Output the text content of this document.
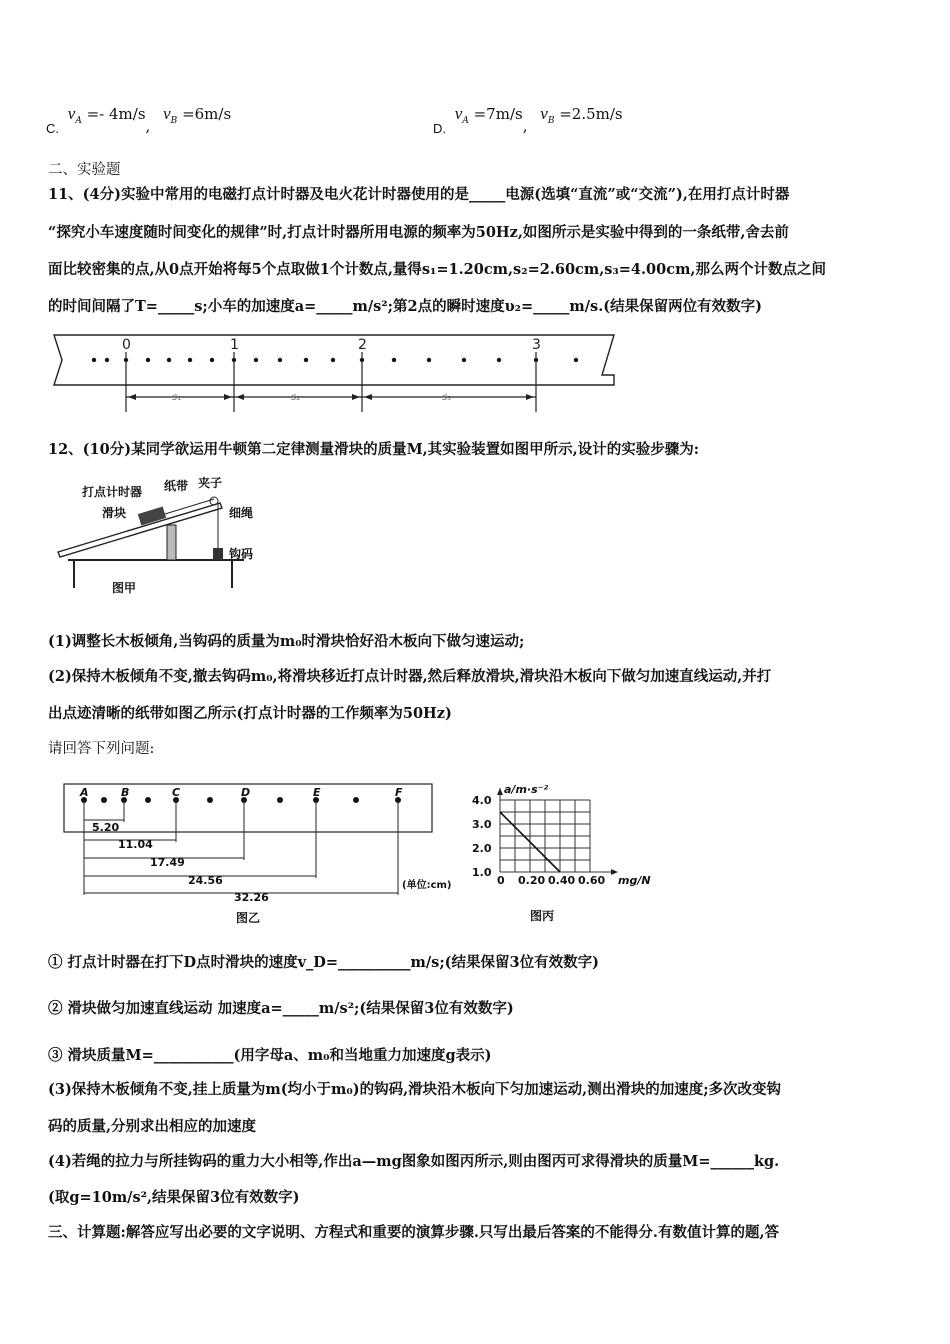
C. $v_A =- 4m/s$, $v_B =6m/s$
D. $v_A =7m/s$, $v_B =2.5m/s$
二、实验题
11、(4分)实验中常用的电磁打点计时器及电火花计时器使用的是_____电源(选填“直流”或“交流”),在用打点计时器
“探究小车速度随时间变化的规律”时,打点计时器所用电源的频率为50Hz,如图所示是实验中得到的一条纸带,舍去前
面比较密集的点,从0点开始将每5个点取做1个计数点,量得s₁=1.20cm,s₂=2.60cm,s₃=4.00cm,那么两个计数点之间
的时间间隔了T=_____s;小车的加速度a=_____m/s²;第2点的瞬时速度υ₂=_____m/s.(结果保留两位有效数字)
0	1	2	3
s₁	s₂	s₃
12、(10分)某同学欲运用牛顿第二定律测量滑块的质量M,其实验装置如图甲所示,设计的实验步骤为:
打点计时器 纸带 夹子
滑块	细绳
钩码
图甲
(1)调整长木板倾角,当钩码的质量为m₀时滑块恰好沿木板向下做匀速运动;
(2)保持木板倾角不变,撤去钩码m₀,将滑块移近打点计时器,然后释放滑块,滑块沿木板向下做匀加速直线运动,并打
出点迹清晰的纸带如图乙所示(打点计时器的工作频率为50Hz)
请回答下列问题:
A	B	C	D	E	F
5.20
11.04
17.49
24.56
32.26
(单位:cm)
图乙
a/m·s⁻²
4.0
3.0
2.0
1.0
0 0.20 0.40 0.60 mg/N
图丙
① 打点计时器在打下D点时滑块的速度v_D=__________m/s;(结果保留3位有效数字)
② 滑块做匀加速直线运动 加速度a=_____m/s²;(结果保留3位有效数字)
③ 滑块质量M=___________(用字母a、m₀和当地重力加速度g表示)
(3)保持木板倾角不变,挂上质量为m(均小于m₀)的钩码,滑块沿木板向下匀加速运动,测出滑块的加速度;多次改变钩
码的质量,分别求出相应的加速度
(4)若绳的拉力与所挂钩码的重力大小相等,作出a—mg图象如图丙所示,则由图丙可求得滑块的质量M=______kg.
(取g=10m/s²,结果保留3位有效数字)
三、计算题:解答应写出必要的文字说明、方程式和重要的演算步骤.只写出最后答案的不能得分.有数值计算的题,答
